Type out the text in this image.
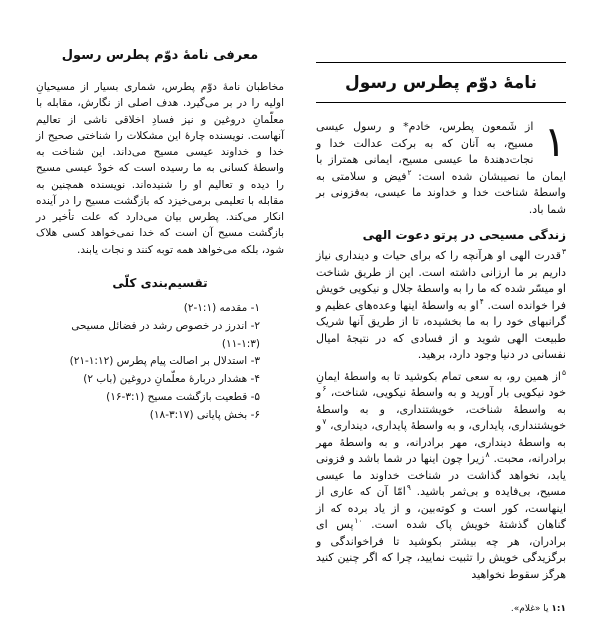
معرفی نامهٔ دوّم پطرس رسول

مخاطبان نامهٔ دوّم پطرس، شماری بسیار از مسیحیانِ اولیه را در بر می‌گیرد. هدف اصلی از نگارش، مقابله با معلّمانِ دروغین و نیز فسادِ اخلاقی ناشی از تعالیم آنهاست. نویسنده چارهٔ این مشکلات را شناختی صحیح از خدا و خداوند عیسی مسیح می‌داند. این شناخت به واسطهٔ کسانی به ما رسیده است که خودْ عیسی مسیح را دیده و تعالیم او را شنیده‌اند. نویسنده همچنین به مقابله با تعلیمی برمی‌خیزد که بازگشت مسیح را در آینده انکار می‌کند. پطرس بیان می‌دارد که علت تأخیر در بازگشت مسیح آن است که خدا نمی‌خواهد کسی هلاک شود، بلکه می‌خواهد همه توبه کنند و نجات یابند.

تقسیم‌بندی کلّی
۱- مقدمه (۱:۱-۲)
۲- اندرز در خصوص رشد در فضائل مسیحی (۱:۳-۱۱)
۳- استدلال بر اصالت پیام پطرس (۱:۱۲-۲۱)
۴- هشدار دربارهٔ معلّمانِ دروغین (باب ۲)
۵- قطعیت بازگشت مسیح (۳:۱-۱۶)
۶- بخش پایانی (۳:۱۷-۱۸)
نامهٔ دوّم پطرس رسول

۱
از شَمعون پطرس، خادم* و رسول عیسی مسیح، به آنان که به برکت عدالت خدا و نجات‌دهندهٔ ما عیسی مسیح، ایمانی همتراز با ایمان ما نصیبشان شده است: $^۲$فیض و سلامتی به واسطهٔ شناخت خدا و خداوند ما عیسی، به‌فزونی بر شما باد.

زندگی مسیحی در پرتو دعوت الهی

$^۳$قدرت الهی او هرآنچه را که برای حیات و دینداری نیاز داریم بر ما ارزانی داشته است. این از طریق شناخت او میسّر شده که ما را به واسطهٔ جلال و نیکویی خویش فرا خوانده است. $^۴$او به واسطهٔ اینها وعده‌های عظیم و گرانبهای خود را به ما بخشیده، تا از طریق آنها شریک طبیعت الهی شوید و از فسادی که در نتیجهٔ امیال نفسانی در دنیا وجود دارد، برهید.

$^۵$از همین رو، به سعی تمام بکوشید تا به واسطهٔ ایمانِ خود نیکویی بار آورید و به واسطهٔ نیکویی، شناخت، $^۶$و به واسطهٔ شناخت، خویشتنداری، و به واسطهٔ خویشتنداری، پایداری، و به واسطهٔ پایداری، دینداری، $^۷$و به واسطهٔ دینداری، مهر برادرانه، و به واسطهٔ مهر برادرانه، محبت. $^۸$زیرا چون اینها در شما باشد و فزونی یابد، نخواهد گذاشت در شناخت خداوند ما عیسی مسیح، بی‌فایده و بی‌ثمر باشید. $^۹$امّا آن که عاری از اینهاست، کور است و کوته‌بین، و از یاد برده که از گناهان گذشتهٔ خویش پاک شده است. $^{۱۰}$پس ای برادران، هر چه بیشتر بکوشید تا فراخواندگی و برگزیدگی خویش را تثبیت نمایید، چرا که اگر چنین کنید هرگز سقوط نخواهید

۱:۱ یا «غلام».
